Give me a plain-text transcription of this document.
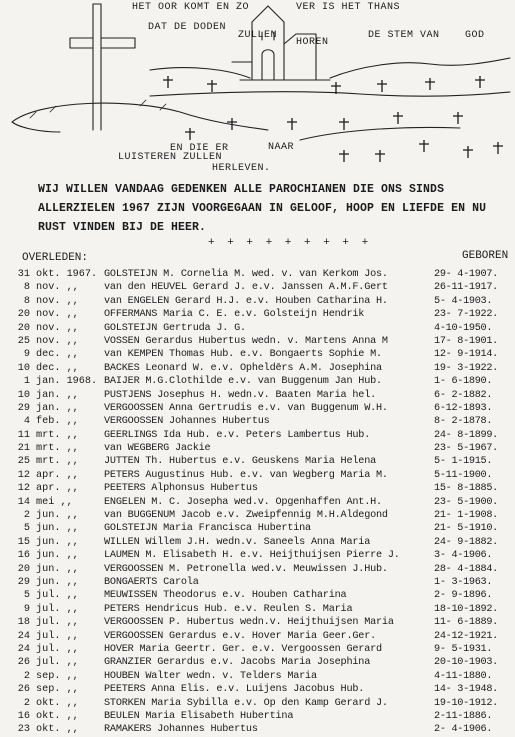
HET OOR KOMT EN ZO	VER IS HET THANS
DAT DE DODEN
ZULLEN
HOREN
DE STEM VAN	GOD
EN DIE ER	NAAR
LUISTEREN ZULLEN
HERLEVEN.
WIJ WILLEN VANDAAG GEDENKEN ALLE PAROCHIANEN DIE ONS SINDS
ALLERZIELEN 1967 ZIJN VOORGEGAAN IN GELOOF, HOOP EN LIEFDE EN NU
RUST VINDEN BIJ DE HEER.
+ + + + + + + + +
OVERLEDEN:	GEBOREN
31 okt. 1967. GOLSTEIJN M. Cornelia M. wed. v. van Kerkom Jos.	29- 4-1907.
8 nov. ,, van den HEUVEL Gerard J. e.v. Janssen A.M.F.Gert	26-11-1917.
8 nov. ,, van ENGELEN Gerard H.J. e.v. Houben Catharina H.	5- 4-1903.
20 nov. ,, OFFERMANS Maria C. E. e.v. Golsteijn Hendrik	23- 7-1922.
20 nov. ,, GOLSTEIJN Gertruda J. G.	4-10-1950.
25 nov. ,, VOSSEN Gerardus Hubertus wedn. v. Martens Anna M	17- 8-1901.
9 dec. ,, van KEMPEN Thomas Hub. e.v. Bongaerts Sophie M.	12- 9-1914.
10 dec. ,, BACKES Leonard W. e.v. Opheldērs A.M. Josephina	19- 3-1922.
1 jan. 1968. BAIJER M.G.Clothilde e.v. van Buggenum Jan Hub.	1- 6-1890.
10 jan. ,, PUSTJENS Josephus H. wedn.v. Baaten Maria hel.	6- 2-1882.
29 jan. ,, VERGOOSSEN Anna Gertrudis e.v. van Buggenum W.H.	6-12-1893.
4 feb. ,, VERGOOSSEN Johannes Hubertus	8- 2-1878.
11 mrt. ,, GEERLINGS Ida Hub. e.v. Peters Lambertus Hub.	24- 8-1899.
21 mrt. ,, van WEGBERG Jackie	23- 5-1967.
25 mrt. ,, JUTTEN Th. Hubertus e.v. Geuskens Maria Helena	5- 1-1915.
12 apr. ,, PETERS Augustinus Hub. e.v. van Wegberg Maria M.	5-11-1900.
12 apr. ,, PEETERS Alphonsus Hubertus	15- 8-1885.
14 mei ,,	ENGELEN M. C. Josepha wed.v. Opgenhaffen Ant.H.	23- 5-1900.
2 jun. ,, van BUGGENUM Jacob e.v. Zweipfennig M.H.Aldegond	21- 1-1908.
5 jun. ,, GOLSTEIJN Maria Francisca Hubertina	21- 5-1910.
15 jun. ,, WILLEN Willem J.H. wedn.v. Saneels Anna Maria	24- 9-1882.
16 jun. ,, LAUMEN M. Elisabeth H. e.v. Heijthuijsen Pierre J.	3- 4-1906.
20 jun. ,, VERGOOSSEN M. Petronella wed.v. Meuwissen J.Hub.	28- 4-1884.
29 jun. ,, BONGAERTS Carola	1- 3-1963.
5 jul. ,, MEUWISSEN Theodorus e.v. Houben Catharina	2- 9-1896.
9 jul. ,, PETERS Hendricus Hub. e.v. Reulen S. Maria	18-10-1892.
18 jul. ,, VERGOOSSEN P. Hubertus wedn.v. Heijthuijsen Maria	11- 6-1889.
24 jul. ,, VERGOOSSEN Gerardus e.v. Hover Maria Geer.Ger.	24-12-1921.
24 jul. ,, HOVER Maria Geertr. Ger. e.v. Vergoossen Gerard	9- 5-1931.
26 jul. ,, GRANZIER Gerardus e.v. Jacobs Maria Josephina	20-10-1903.
2 sep. ,, HOUBEN Walter wedn. v. Telders Maria	4-11-1880.
26 sep. ,, PEETERS Anna Elis. e.v. Luijens Jacobus Hub.	14- 3-1948.
2 okt. ,, STORKEN Maria Sybilla e.v. Op den Kamp Gerard J.	19-10-1912.
16 okt. ,, BEULEN Maria Elisabeth Hubertina	2-11-1886.
23 okt. ,, RAMAKERS Johannes Hubertus	2- 4-1906.
